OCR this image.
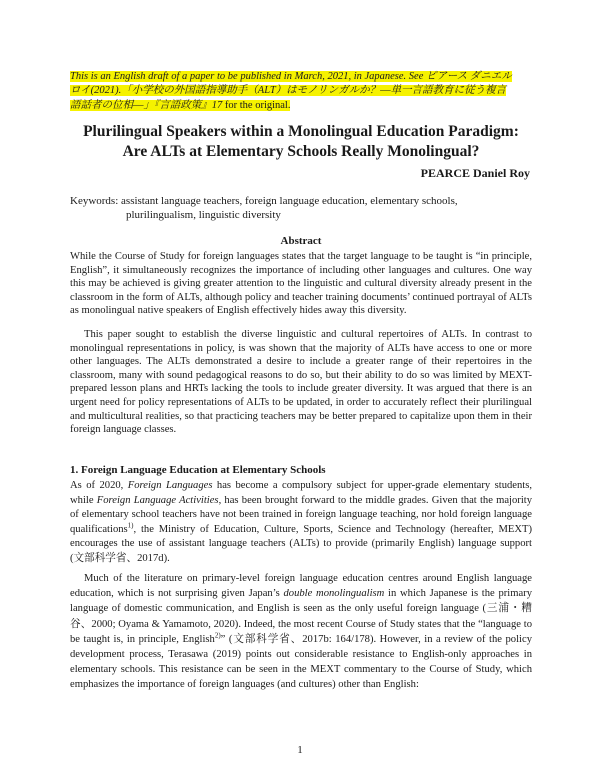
This is an English draft of a paper to be published in March, 2021, in Japanese. See ピアース ダニエル
ロイ(2021).「小学校の外国語指導助手（ALT）はモノリンガルか？―単一言語教育に従う複言
語話者の位相―」『言語政策』17 for the original.
Plurilingual Speakers within a Monolingual Education Paradigm:
Are ALTs at Elementary Schools Really Monolingual?
PEARCE Daniel Roy
Keywords: assistant language teachers, foreign language education, elementary schools,
plurilingualism, linguistic diversity
Abstract

While the Course of Study for foreign languages states that the target language to be taught is “in principle, English”, it simultaneously recognizes the importance of including other languages and cultures. One way this may be achieved is giving greater attention to the linguistic and cultural diversity already present in the classroom in the form of ALTs, although policy and teacher training documents’ continued portrayal of ALTs as monolingual native speakers of English effectively hides away this diversity.

This paper sought to establish the diverse linguistic and cultural repertoires of ALTs. In contrast to monolingual representations in policy, is was shown that the majority of ALTs have access to one or more other languages. The ALTs demonstrated a desire to include a greater range of their repertoires in the classroom, many with sound pedagogical reasons to do so, but their ability to do so was limited by MEXT-prepared lesson plans and HRTs lacking the tools to include greater diversity. It was argued that there is an urgent need for policy representations of ALTs to be updated, in order to accurately reflect their plurilingual and multicultural realities, so that practicing teachers may be better prepared to capitalize upon them in their foreign language classes.

1. Foreign Language Education at Elementary Schools

As of 2020, Foreign Languages has become a compulsory subject for upper-grade elementary students, while Foreign Language Activities, has been brought forward to the middle grades. Given that the majority of elementary school teachers have not been trained in foreign language teaching, nor hold foreign language qualifications$^{1)}$, the Ministry of Education, Culture, Sports, Science and Technology (hereafter, MEXT) encourages the use of assistant language teachers (ALTs) to provide (primarily English) language support (文部科学省、2017d).

Much of the literature on primary-level foreign language education centres around English language education, which is not surprising given Japan’s double monolingualism in which Japanese is the primary language of domestic communication, and English is seen as the only useful foreign language (三浦・糟谷、2000; Oyama & Yamamoto, 2020). Indeed, the most recent Course of Study states that the “language to be taught is, in principle, English$^{2)}$” (文部科学省、2017b: 164/178). However, in a review of the policy development process, Terasawa (2019) points out considerable resistance to English-only approaches in elementary schools. This resistance can be seen in the MEXT commentary to the Course of Study, which emphasizes the importance of foreign languages (and cultures) other than English:

1
